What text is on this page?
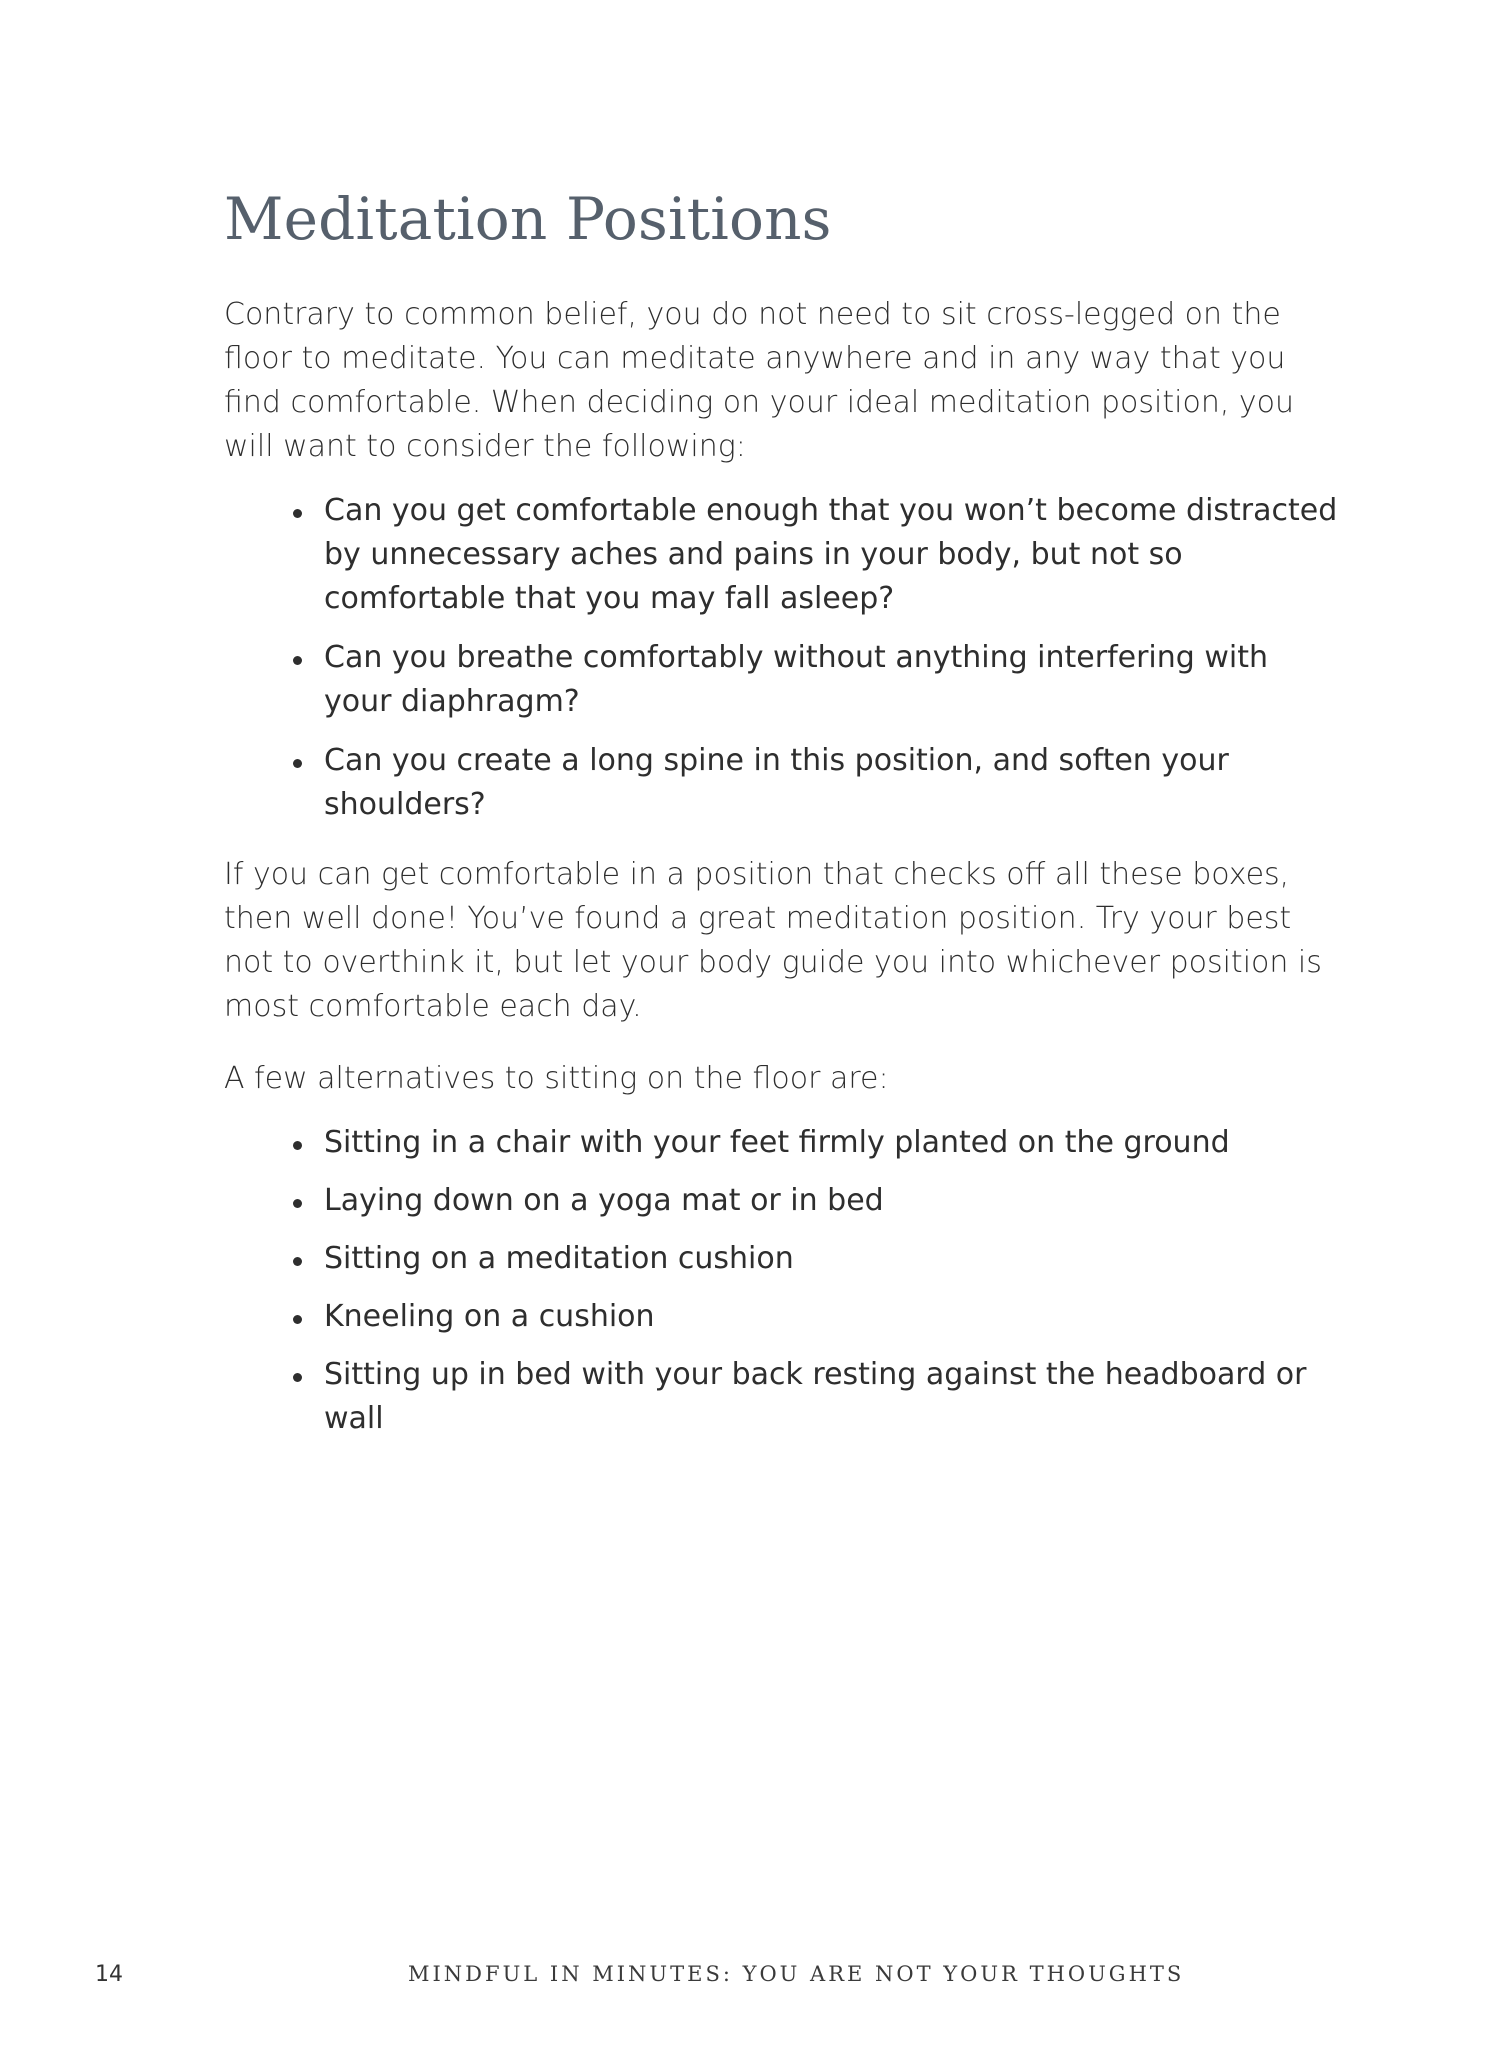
Meditation Positions

Contrary to common belief, you do not need to sit cross-legged on the floor to meditate. You can meditate anywhere and in any way that you find comfortable. When deciding on your ideal meditation position, you will want to consider the following:

Can you get comfortable enough that you won’t become distracted by unnecessary aches and pains in your body, but not so comfortable that you may fall asleep?
Can you breathe comfortably without anything interfering with your diaphragm?
Can you create a long spine in this position, and soften your shoulders?

If you can get comfortable in a position that checks off all these boxes, then well done! You’ve found a great meditation position. Try your best not to overthink it, but let your body guide you into whichever position is most comfortable each day.

A few alternatives to sitting on the floor are:

Sitting in a chair with your feet firmly planted on the ground
Laying down on a yoga mat or in bed
Sitting on a meditation cushion
Kneeling on a cushion
Sitting up in bed with your back resting against the headboard or wall
14	MINDFUL IN MINUTES: YOU ARE NOT YOUR THOUGHTS
